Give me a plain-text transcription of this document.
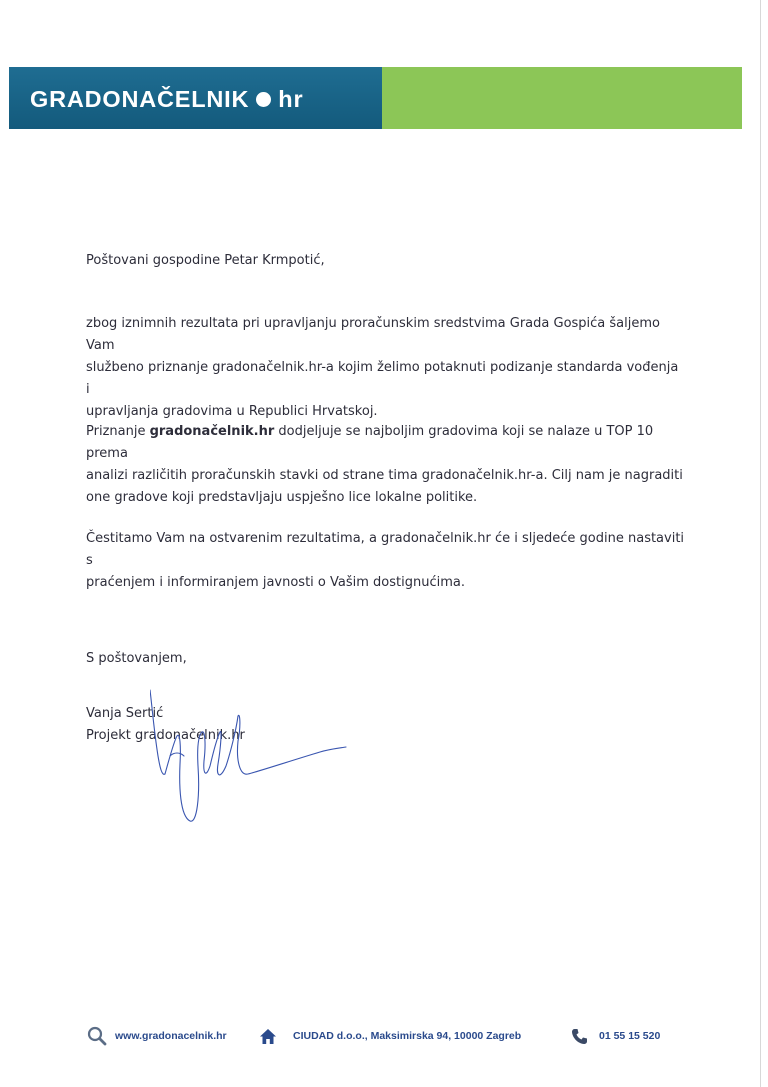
GRADONAČELNIK hr

Poštovani gospodine Petar Krmpotić,

zbog iznimnih rezultata pri upravljanju proračunskim sredstvima Grada Gospića šaljemo Vam

službeno priznanje gradonačelnik.hr-a kojim želimo potaknuti podizanje standarda vođenja i

upravljanja gradovima u Republici Hrvatskoj.

Priznanje gradonačelnik.hr dodjeljuje se najboljim gradovima koji se nalaze u TOP 10 prema

analizi različitih proračunskih stavki od strane tima gradonačelnik.hr-a. Cilj nam je nagraditi

one gradove koji predstavljaju uspješno lice lokalne politike.

Čestitamo Vam na ostvarenim rezultatima, a gradonačelnik.hr će i sljedeće godine nastaviti s

praćenjem i informiranjem javnosti o Vašim dostignućima.

S poštovanjem,

Vanja Sertić

Projekt gradonačelnik.hr

www.gradonacelnik.hr	CIUDAD d.o.o., Maksimirska 94, 10000 Zagreb	01 55 15 520
